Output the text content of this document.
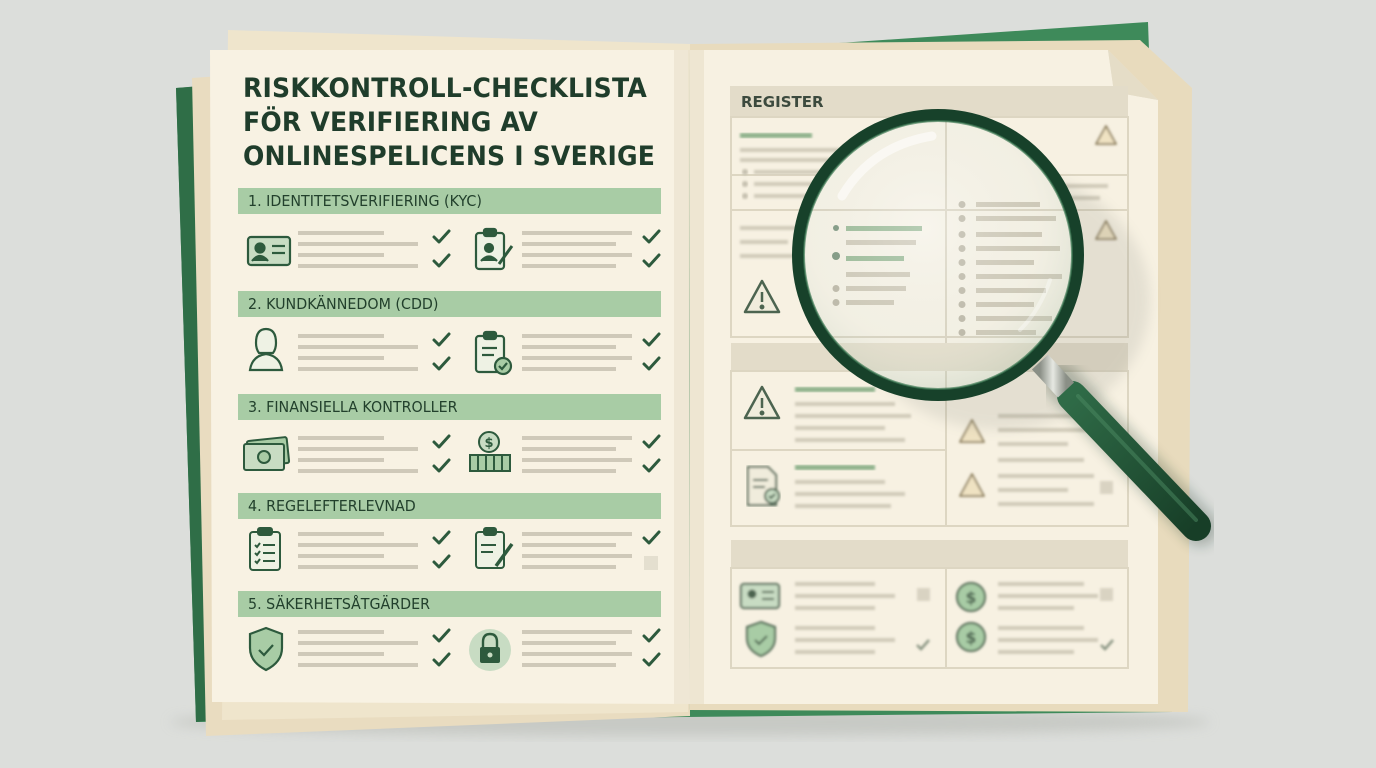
$
$
$
RISKKONTROLL-CHECKLISTA
FÖR VERIFIERING AV
ONLINESPELICENS I SVERIGE
1. IDENTITETSVERIFIERING (KYC)
2. KUNDKÄNNEDOM (CDD)
3. FINANSIELLA KONTROLLER
4. REGELEFTERLEVNAD
5. SÄKERHETSÅTGÄRDER
REGISTER
